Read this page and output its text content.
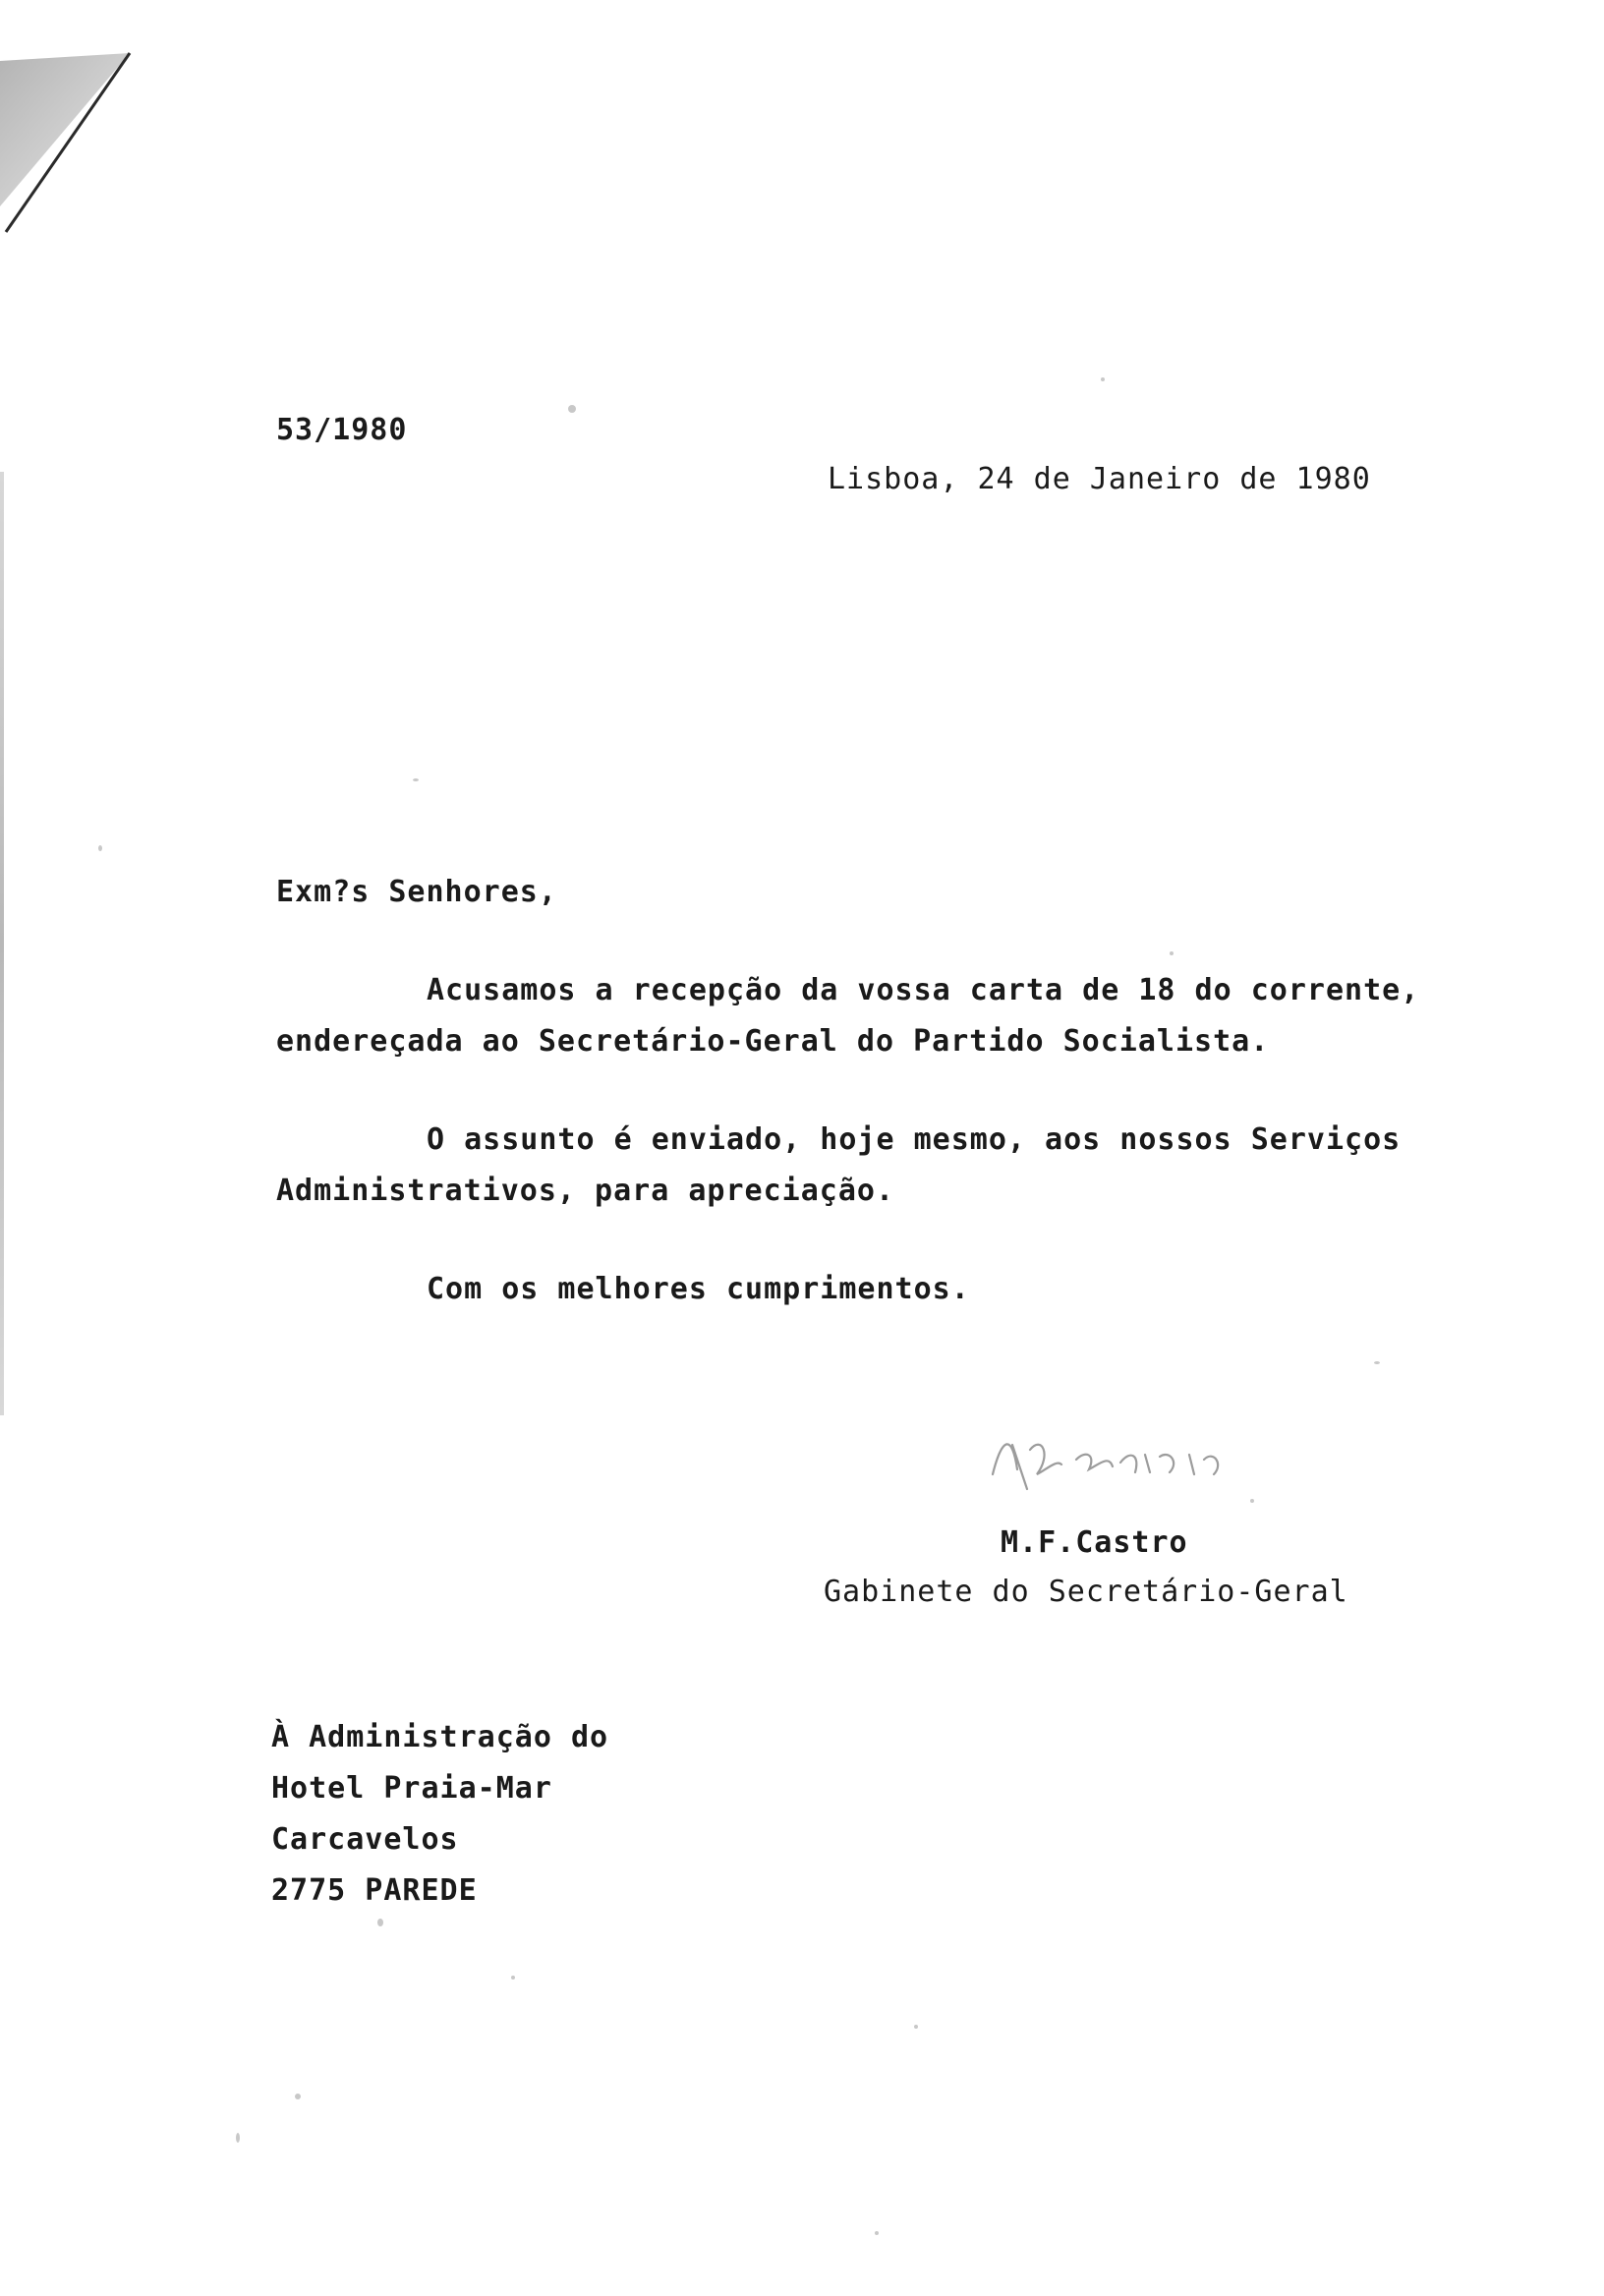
53/1980
Lisboa, 24 de Janeiro de 1980
Exm?s Senhores,
Acusamos a recepção da vossa carta de 18 do corrente,
endereçada ao Secretário-Geral do Partido Socialista.
O assunto é enviado, hoje mesmo, aos nossos Serviços
Administrativos, para apreciação.
Com os melhores cumprimentos.
M.F.Castro
Gabinete do Secretário-Geral
À Administração do
Hotel Praia-Mar
Carcavelos
2775 PAREDE
